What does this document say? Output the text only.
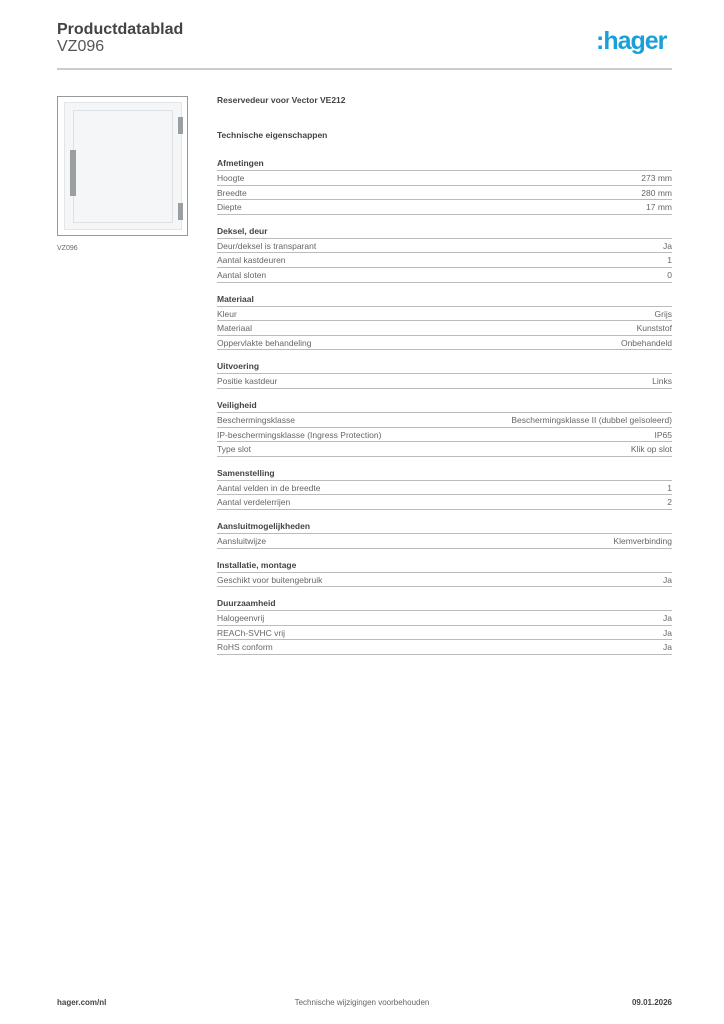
Productdatablad
VZ096	:hager
VZ096
Reservedeur voor Vector VE212
Technische eigenschappen
Afmetingen
Hoogte	273 mm
Breedte	280 mm
Diepte	17 mm
Deksel, deur
Deur/deksel is transparant	Ja
Aantal kastdeuren	1
Aantal sloten	0
Materiaal
Kleur	Grijs
Materiaal	Kunststof
Oppervlakte behandeling	Onbehandeld
Uitvoering
Positie kastdeur	Links
Veiligheid
Beschermingsklasse	Beschermingsklasse II (dubbel geïsoleerd)
IP-beschermingsklasse (Ingress Protection)	IP65
Type slot	Klik op slot
Samenstelling
Aantal velden in de breedte	1
Aantal verdelerrijen	2
Aansluitmogelijkheden
Aansluitwijze	Klemverbinding
Installatie, montage
Geschikt voor buitengebruik	Ja
Duurzaamheid
Halogeenvrij	Ja
REACh-SVHC vrij	Ja
RoHS conform	Ja
hager.com/nl	Technische wijzigingen voorbehouden	09.01.2026
